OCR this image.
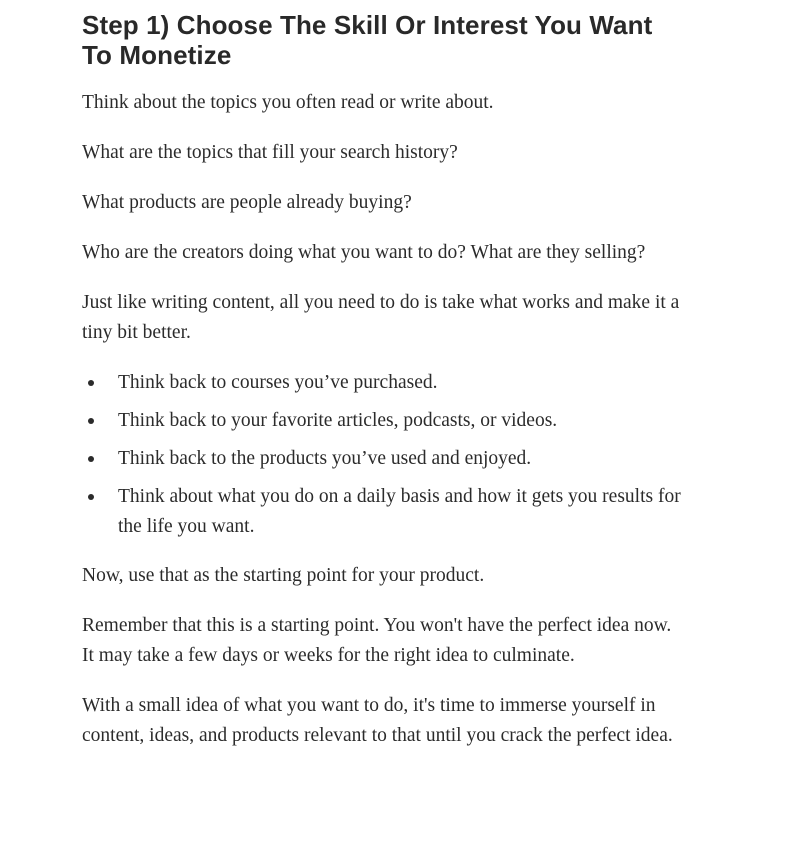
Step 1) Choose The Skill Or Interest You Want To Monetize

Think about the topics you often read or write about.

What are the topics that fill your search history?

What products are people already buying?

Who are the creators doing what you want to do? What are they selling?

Just like writing content, all you need to do is take what works and make it a tiny bit better.

Think back to courses you’ve purchased.
Think back to your favorite articles, podcasts, or videos.
Think back to the products you’ve used and enjoyed.
Think about what you do on a daily basis and how it gets you results for the life you want.

Now, use that as the starting point for your product.

Remember that this is a starting point. You won't have the perfect idea now. It may take a few days or weeks for the right idea to culminate.

With a small idea of what you want to do, it's time to immerse yourself in content, ideas, and products relevant to that until you crack the perfect idea.
